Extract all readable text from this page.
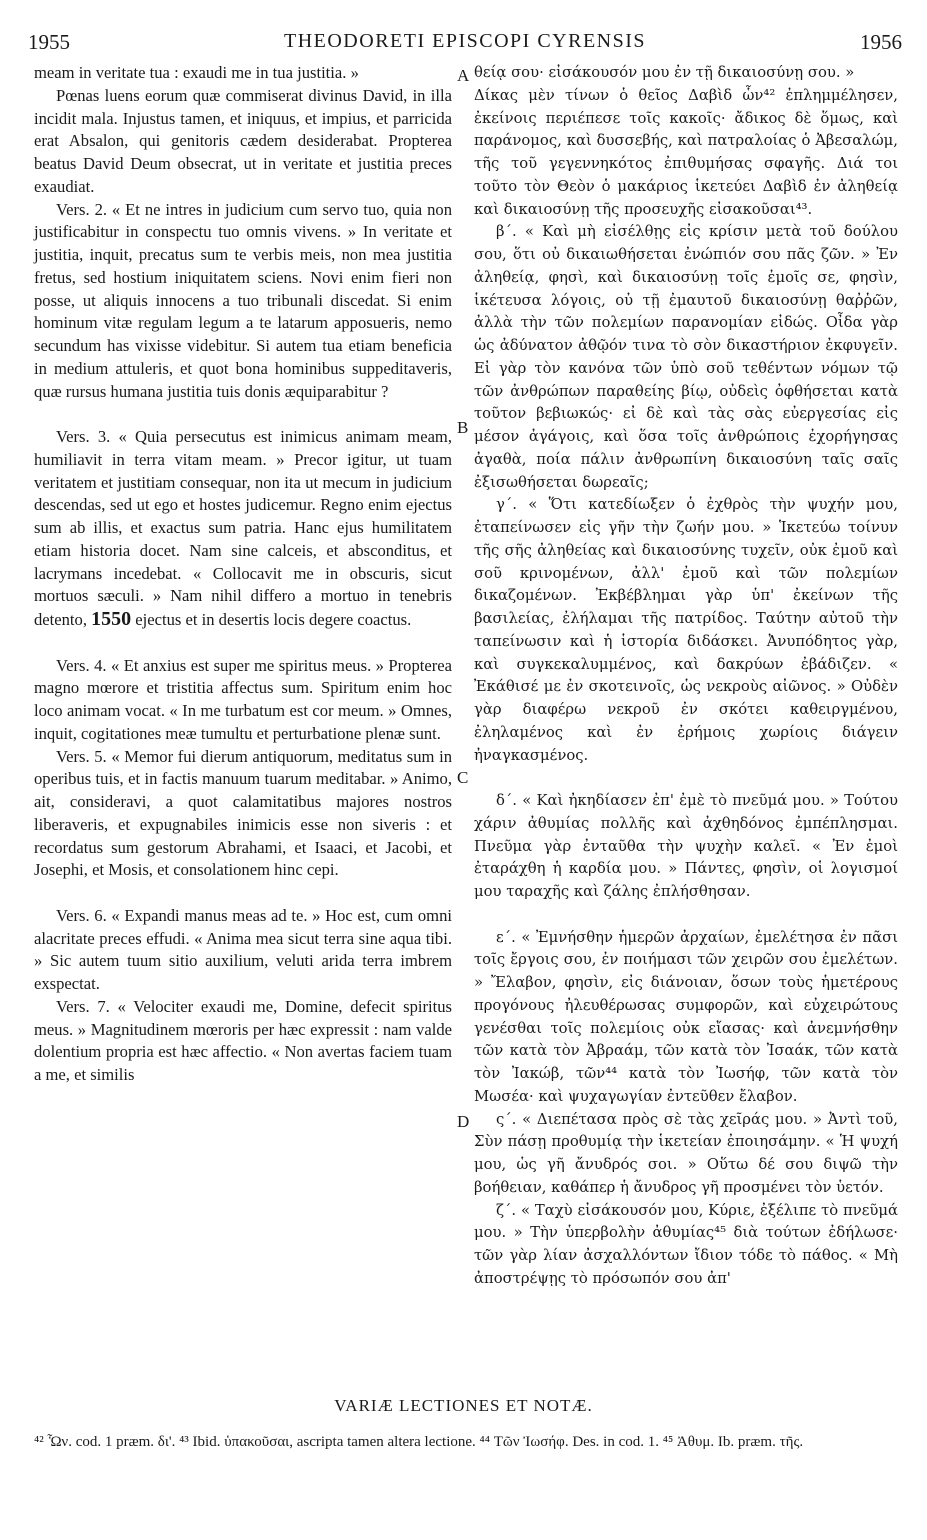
1955	THEODORETI EPISCOPI CYRENSIS	1956

meam in veritate tua : exaudi me in tua justitia. »

Pœnas luens eorum quæ commiserat divinus David, in illa incidit mala. Injustus tamen, et iniquus, et impius, et parricida erat Absalon, qui genitoris cædem desiderabat. Propterea beatus David Deum obsecrat, ut in veritate et justitia preces exaudiat.

Vers. 2. « Et ne intres in judicium cum servo tuo, quia non justificabitur in conspectu tuo omnis vivens. » In veritate et justitia, inquit, precatus sum te verbis meis, non mea justitia fretus, sed hostium iniquitatem sciens. Novi enim fieri non posse, ut aliquis innocens a tuo tribunali discedat. Si enim hominum vitæ regulam legum a te latarum apposueris, nemo secundum has vixisse videbitur. Si autem tua etiam beneficia in medium attuleris, et quot bona hominibus suppeditaveris, quæ rursus humana justitia tuis donis æquiparabitur ?

Vers. 3. « Quia persecutus est inimicus animam meam, humiliavit in terra vitam meam. » Precor igitur, ut tuam veritatem et justitiam consequar, non ita ut mecum in judicium descendas, sed ut ego et hostes judicemur. Regno enim ejectus sum ab illis, et exactus sum patria. Hanc ejus humilitatem etiam historia docet. Nam sine calceis, et absconditus, et lacrymans incedebat. « Collocavit me in obscuris, sicut mortuos sæculi. » Nam nihil differo a mortuo in tenebris detento, 1550 ejectus et in desertis locis degere coactus.

Vers. 4. « Et anxius est super me spiritus meus. » Propterea magno mœrore et tristitia affectus sum. Spiritum enim hoc loco animam vocat. « In me turbatum est cor meum. » Omnes, inquit, cogitationes meæ tumultu et perturbatione plenæ sunt.

Vers. 5. « Memor fui dierum antiquorum, meditatus sum in operibus tuis, et in factis manuum tuarum meditabar. » Animo, ait, consideravi, a quot calamitatibus majores nostros liberaveris, et expugnabiles inimicis esse non siveris : et recordatus sum gestorum Abrahami, et Isaaci, et Jacobi, et Josephi, et Mosis, et consolationem hinc cepi.

Vers. 6. « Expandi manus meas ad te. » Hoc est, cum omni alacritate preces effudi. « Anima mea sicut terra sine aqua tibi. » Sic autem tuum sitio auxilium, veluti arida terra imbrem exspectat.

Vers. 7. « Velociter exaudi me, Domine, defecit spiritus meus. » Magnitudinem mœroris per hæc expressit : nam valde dolentium propria est hæc affectio. « Non avertas faciem tuam a me, et similis

A
B
C
D

θείᾳ σου· εἰσάκουσόν μου ἐν τῇ δικαιοσύνῃ σου. »

Δίκας μὲν τίνων ὁ θεῖος Δαβὶδ ὧν⁴² ἐπλημμέλησεν, ἐκείνοις περιέπεσε τοῖς κακοῖς· ἄδικος δὲ ὅμως, καὶ παράνομος, καὶ δυσσεβής, καὶ πατραλοίας ὁ Ἀβεσαλώμ, τῆς τοῦ γεγεννηκότος ἐπιθυμήσας σφαγῆς. Διά τοι τοῦτο τὸν Θεὸν ὁ μακάριος ἱκετεύει Δαβὶδ ἐν ἀληθείᾳ καὶ δικαιοσύνῃ τῆς προσευχῆς εἰσακοῦσαι⁴³.

β΄. « Καὶ μὴ εἰσέλθῃς εἰς κρίσιν μετὰ τοῦ δούλου σου, ὅτι οὐ δικαιωθήσεται ἐνώπιόν σου πᾶς ζῶν. » Ἐν ἀληθείᾳ, φησὶ, καὶ δικαιοσύνῃ τοῖς ἐμοῖς σε, φησὶν, ἱκέτευσα λόγοις, οὐ τῇ ἐμαυτοῦ δικαιοσύνῃ θαῤῥῶν, ἀλλὰ τὴν τῶν πολεμίων παρανομίαν εἰδώς. Οἶδα γὰρ ὡς ἀδύνατον ἀθῷόν τινα τὸ σὸν δικαστήριον ἐκφυγεῖν. Εἰ γὰρ τὸν κανόνα τῶν ὑπὸ σοῦ τεθέντων νόμων τῷ τῶν ἀνθρώπων παραθείης βίῳ, οὐδεὶς ὀφθήσεται κατὰ τοῦτον βεβιωκώς· εἰ δὲ καὶ τὰς σὰς εὐεργεσίας εἰς μέσον ἀγάγοις, καὶ ὅσα τοῖς ἀνθρώποις ἐχορήγησας ἀγαθὰ, ποία πάλιν ἀνθρωπίνη δικαιοσύνη ταῖς σαῖς ἐξισωθήσεται δωρεαῖς;

γ΄. « Ὅτι κατεδίωξεν ὁ ἐχθρὸς τὴν ψυχήν μου, ἐταπείνωσεν εἰς γῆν τὴν ζωήν μου. » Ἱκετεύω τοίνυν τῆς σῆς ἀληθείας καὶ δικαιοσύνης τυχεῖν, οὐκ ἐμοῦ καὶ σοῦ κρινομένων, ἀλλ' ἐμοῦ καὶ τῶν πολεμίων δικαζομένων. Ἐκβέβλημαι γὰρ ὑπ' ἐκείνων τῆς βασιλείας, ἐλήλαμαι τῆς πατρίδος. Ταύτην αὐτοῦ τὴν ταπείνωσιν καὶ ἡ ἱστορία διδάσκει. Ἀνυπόδητος γὰρ, καὶ συγκεκαλυμμένος, καὶ δακρύων ἐβάδιζεν. « Ἐκάθισέ με ἐν σκοτεινοῖς, ὡς νεκροὺς αἰῶνος. » Οὐδὲν γὰρ διαφέρω νεκροῦ ἐν σκότει καθειργμένου, ἐληλαμένος καὶ ἐν ἐρήμοις χωρίοις διάγειν ἠναγκασμένος.

δ΄. « Καὶ ἠκηδίασεν ἐπ' ἐμὲ τὸ πνεῦμά μου. » Τούτου χάριν ἀθυμίας πολλῆς καὶ ἀχθηδόνος ἐμπέπλησμαι. Πνεῦμα γὰρ ἐνταῦθα τὴν ψυχὴν καλεῖ. « Ἐν ἐμοὶ ἐταράχθη ἡ καρδία μου. » Πάντες, φησὶν, οἱ λογισμοί μου ταραχῆς καὶ ζάλης ἐπλήσθησαν.

ε΄. « Ἐμνήσθην ἡμερῶν ἀρχαίων, ἐμελέτησα ἐν πᾶσι τοῖς ἔργοις σου, ἐν ποιήμασι τῶν χειρῶν σου ἐμελέτων. » Ἔλαβον, φησὶν, εἰς διάνοιαν, ὅσων τοὺς ἡμετέρους προγόνους ἠλευθέρωσας συμφορῶν, καὶ εὐχειρώτους γενέσθαι τοῖς πολεμίοις οὐκ εἴασας· καὶ ἀνεμνήσθην τῶν κατὰ τὸν Ἀβραάμ, τῶν κατὰ τὸν Ἰσαάκ, τῶν κατὰ τὸν Ἰακώβ, τῶν⁴⁴ κατὰ τὸν Ἰωσήφ, τῶν κατὰ τὸν Μωσέα· καὶ ψυχαγωγίαν ἐντεῦθεν ἔλαβον.

ς΄. « Διεπέτασα πρὸς σὲ τὰς χεῖράς μου. » Ἀντὶ τοῦ, Σὺν πάσῃ προθυμίᾳ τὴν ἱκετείαν ἐποιησάμην. « Ἡ ψυχή μου, ὡς γῆ ἄνυδρός σοι. » Οὕτω δέ σου διψῶ τὴν βοήθειαν, καθάπερ ἡ ἄνυδρος γῆ προσμένει τὸν ὑετόν.

ζ΄. « Ταχὺ εἰσάκουσόν μου, Κύριε, ἐξέλιπε τὸ πνεῦμά μου. » Τὴν ὑπερβολὴν ἀθυμίας⁴⁵ διὰ τούτων ἐδήλωσε· τῶν γὰρ λίαν ἀσχαλλόντων ἴδιον τόδε τὸ πάθος. « Μὴ ἀποστρέψῃς τὸ πρόσωπόν σου ἀπ'

VARIÆ LECTIONES ET NOTÆ.
⁴² Ὧν. cod. 1 præm. δι'. ⁴³ Ibid. ὑπακοῦσαι, ascripta tamen altera lectione. ⁴⁴ Τῶν Ἰωσήφ. Des. in cod. 1. ⁴⁵ Ἀθυμ. Ib. præm. τῆς.
